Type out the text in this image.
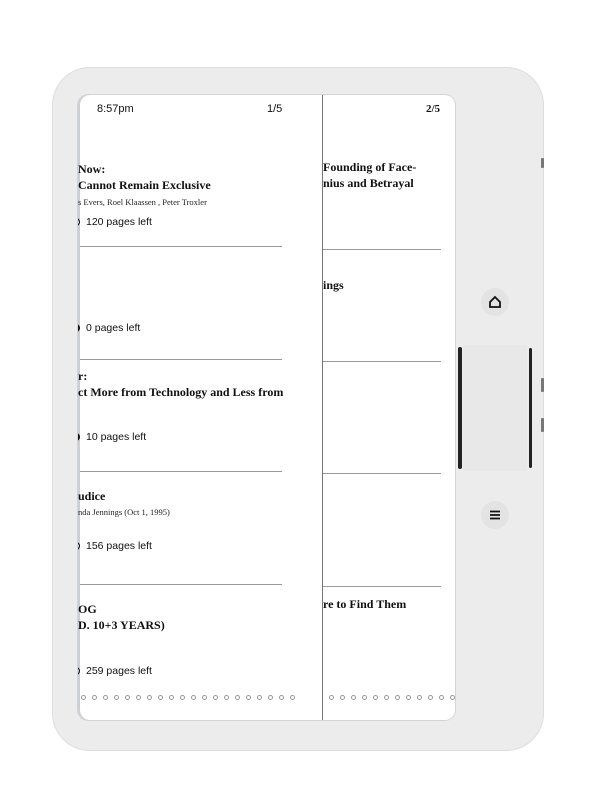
8:57pm	1/5
Now:
Cannot Remain Exclusive
s Evers, Roel Klaassen , Peter Troxler
120 pages left
0 pages left
r:
ct More from Technology and Less from
10 pages left
udice
nda Jennings (Oct 1, 1995)
156 pages left
OG
D. 10+3 YEARS)
259 pages left
2/5
Founding of Face-
nius and Betrayal
ings
re to Find Them
